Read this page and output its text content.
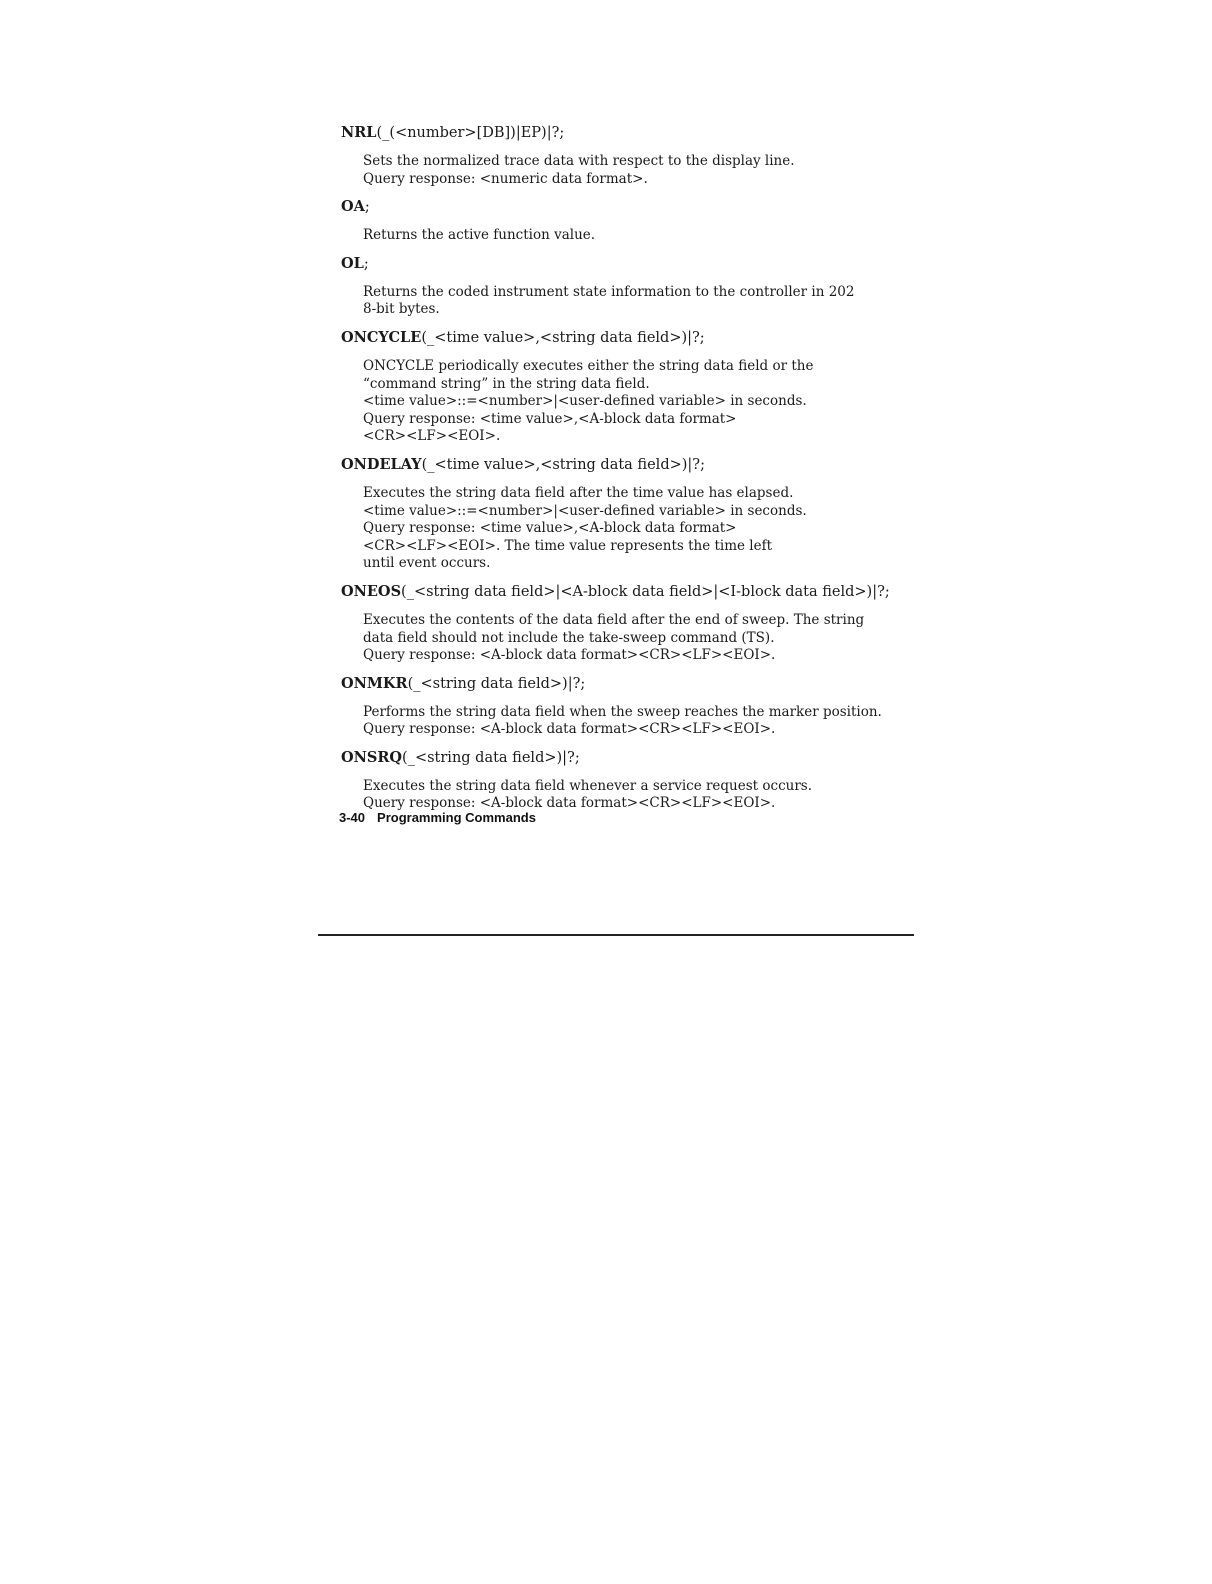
NRL(_(<number>[DB])|EP)|?;

Sets the normalized trace data with respect to the display line.
Query response: <numeric data format>.

OA;

Returns the active function value.

OL;

Returns the coded instrument state information to the controller in 202
8-bit bytes.

ONCYCLE(_<time value>,<string data field>)|?;

ONCYCLE periodically executes either the string data field or the
“command string” in the string data field.
<time value>::=<number>|<user-defined variable> in seconds.
Query response: <time value>,<A-block data format>
<CR><LF><EOI>.

ONDELAY(_<time value>,<string data field>)|?;

Executes the string data field after the time value has elapsed.
<time value>::=<number>|<user-defined variable> in seconds.
Query response: <time value>,<A-block data format>
<CR><LF><EOI>. The time value represents the time left
until event occurs.

ONEOS(_<string data field>|<A-block data field>|<I-block data field>)|?;

Executes the contents of the data field after the end of sweep. The string
data field should not include the take-sweep command (TS).
Query response: <A-block data format><CR><LF><EOI>.

ONMKR(_<string data field>)|?;

Performs the string data field when the sweep reaches the marker position.
Query response: <A-block data format><CR><LF><EOI>.

ONSRQ(_<string data field>)|?;

Executes the string data field whenever a service request occurs.
Query response: <A-block data format><CR><LF><EOI>.
3-40 Programming Commands
